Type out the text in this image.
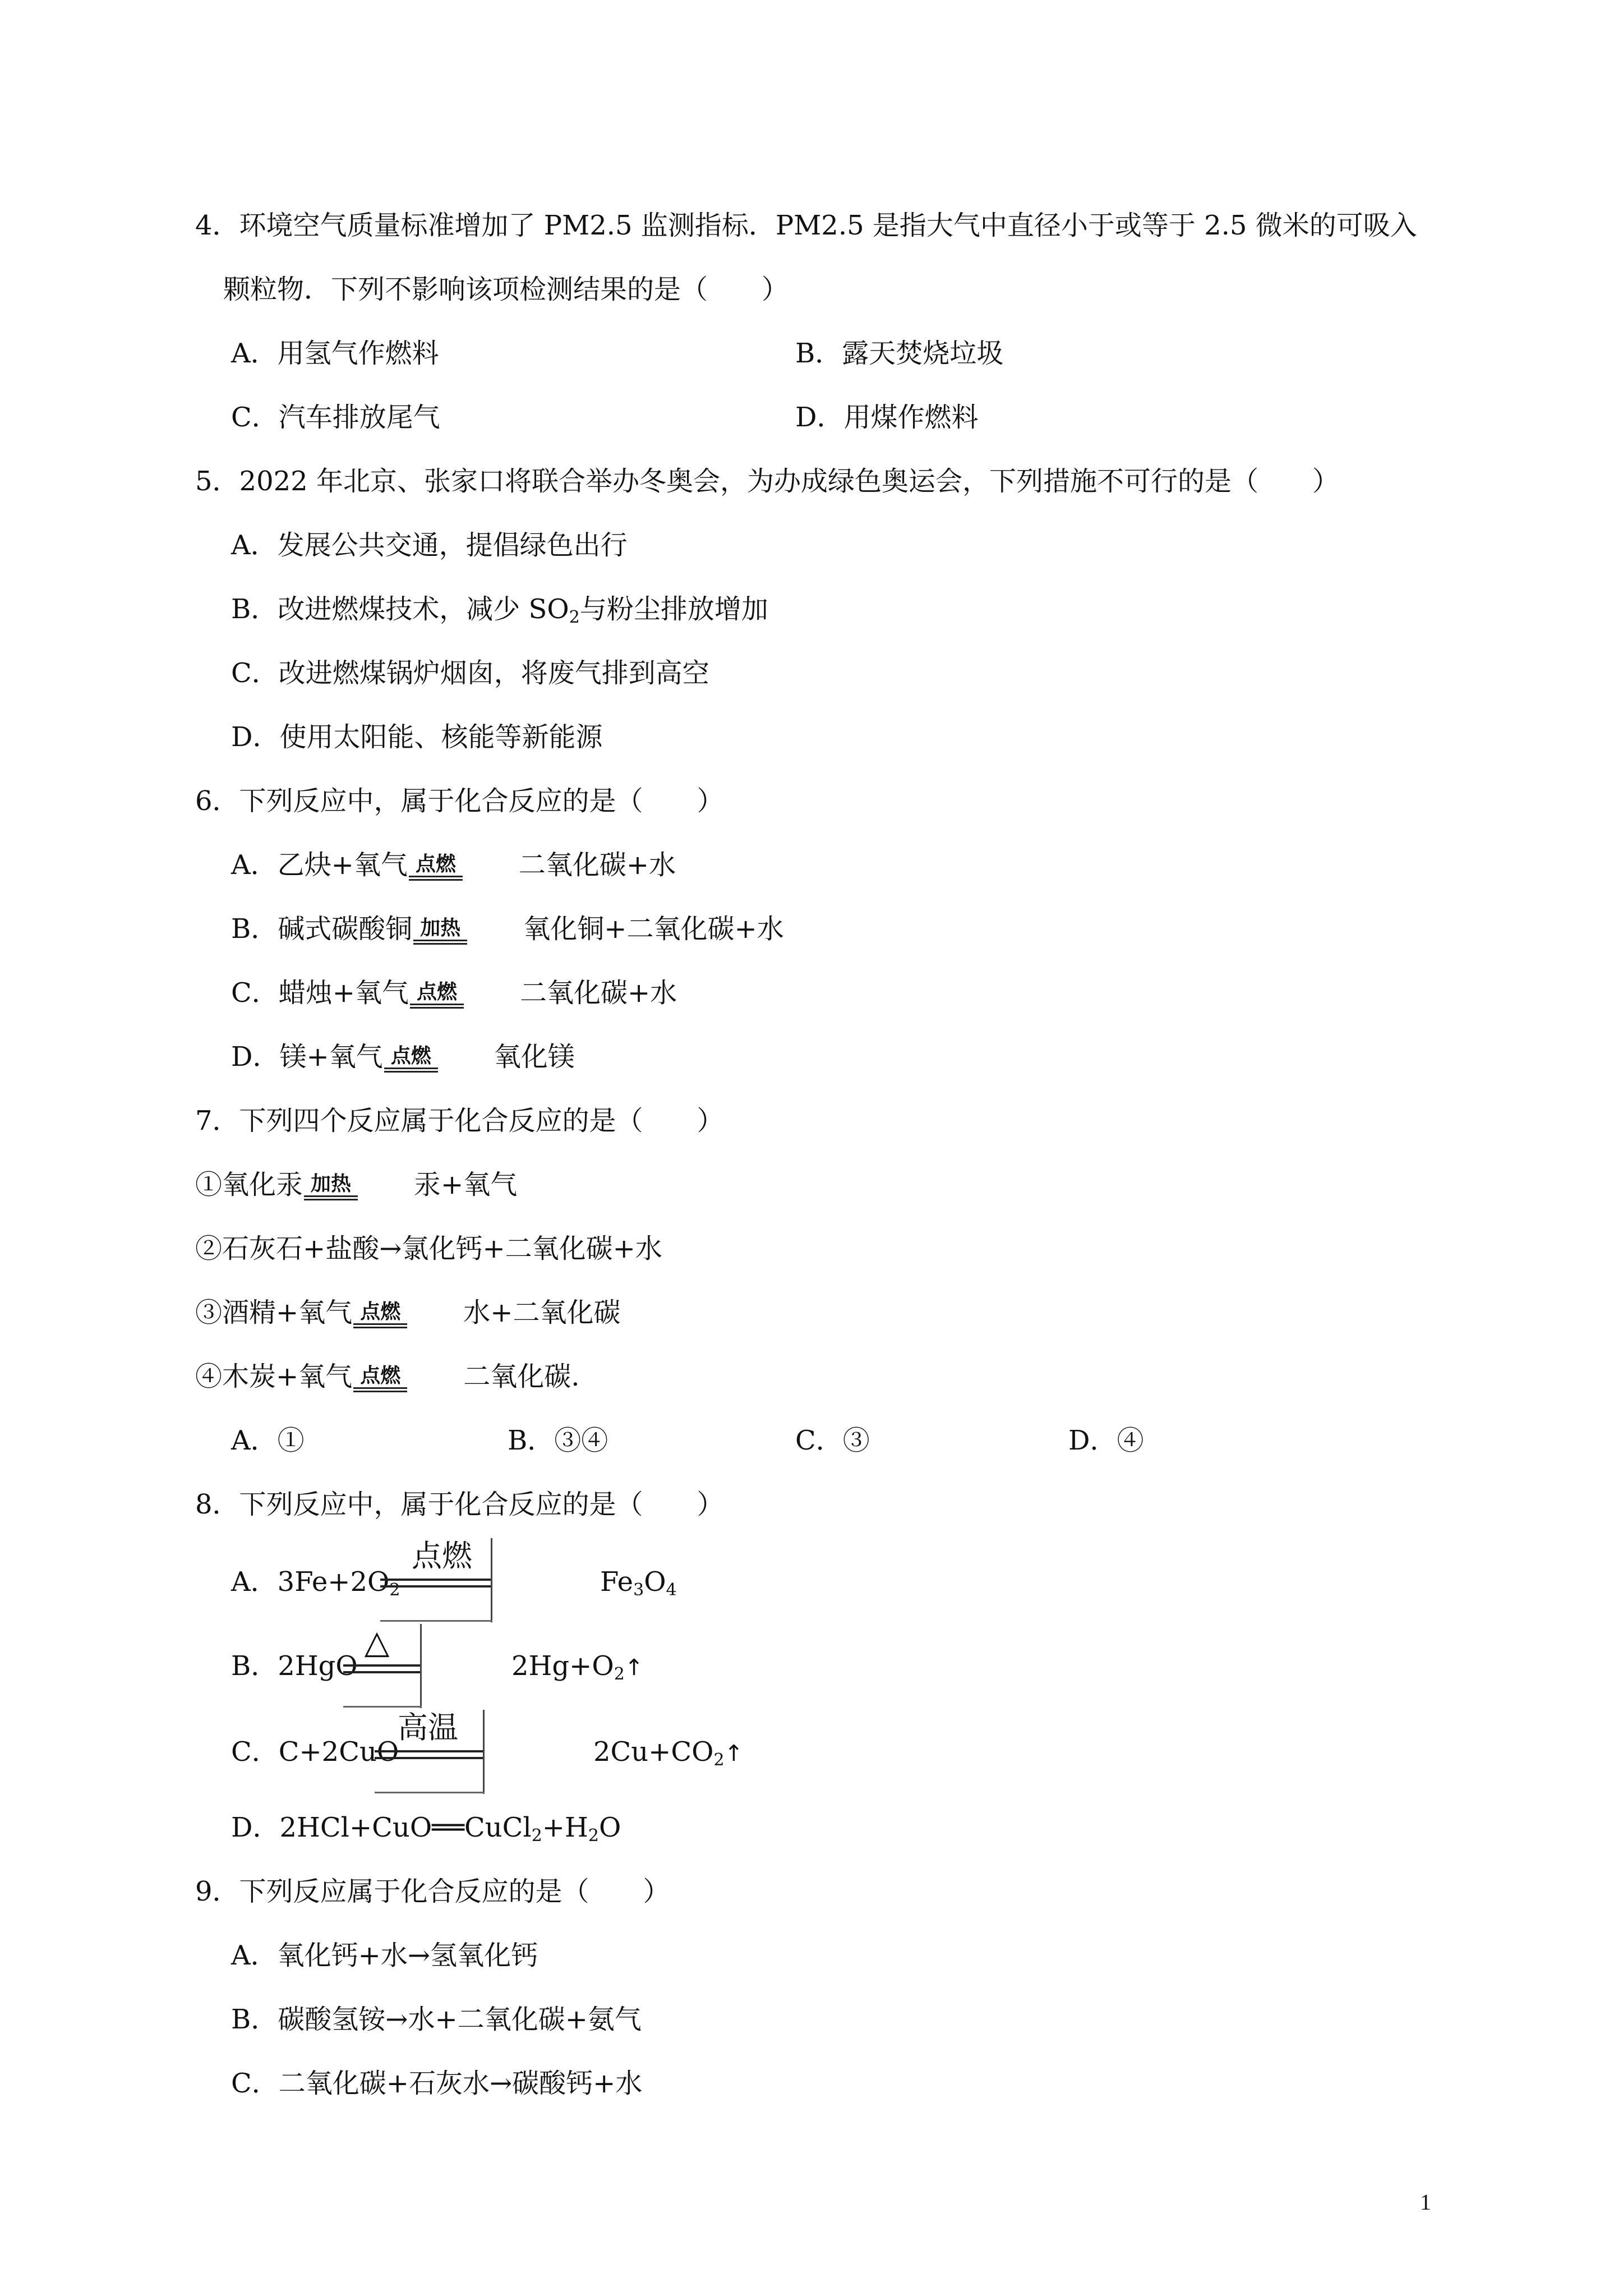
4．环境空气质量标准增加了 PM2.5 监测指标．PM2.5 是指大气中直径小于或等于 2.5 微米的可吸入
颗粒物．下列不影响该项检测结果的是（　　）
A．用氢气作燃料	B．露天焚烧垃圾
C．汽车排放尾气	D．用煤作燃料
5．2022 年北京、张家口将联合举办冬奥会，为办成绿色奥运会，下列措施不可行的是（　　）
A．发展公共交通，提倡绿色出行
B．改进燃煤技术，减少 $SO_2$与粉尘排放增加
C．改进燃煤锅炉烟囱，将废气排到高空
D．使用太阳能、核能等新能源
6．下列反应中，属于化合反应的是（　　）
A．乙炔+氧气 点燃 二氧化碳+水
B．碱式碳酸铜 加热 氧化铜+二氧化碳+水
C．蜡烛+氧气 点燃 二氧化碳+水
D．镁+氧气 点燃 氧化镁
7．下列四个反应属于化合反应的是（　　）
①氧化汞 加热 汞+氧气
②石灰石+盐酸→氯化钙+二氧化碳+水
③酒精+氧气 点燃 水+二氧化碳
④木炭+氧气 点燃 二氧化碳.
A．①	B．③④	C．③	D．④
8．下列反应中，属于化合反应的是（　　）
A．$3Fe+2O_2$
点燃
$Fe_3O_4$
B．2HgO
△
$2Hg+O_2↑$
C．C+2CuO
高温
$2Cu+CO_2↑$
D．$2HCl+CuO══CuCl_2+H_2O$
9．下列反应属于化合反应的是（　　）
A．氧化钙+水→氢氧化钙
B．碳酸氢铵→水+二氧化碳+氨气
C．二氧化碳+石灰水→碳酸钙+水
1
